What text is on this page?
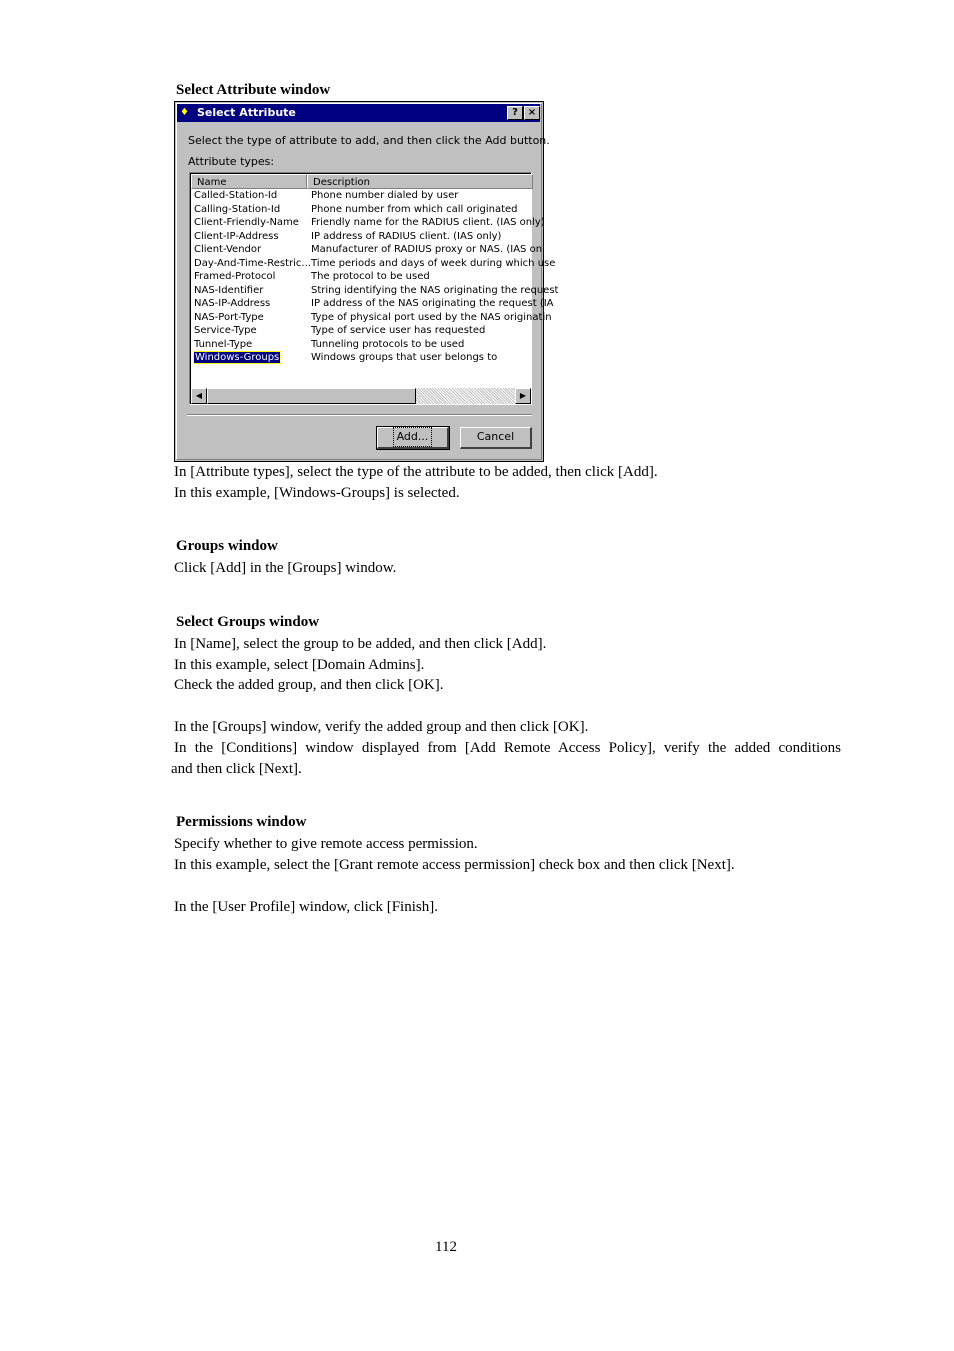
Select Attribute window
♦ Select Attribute	? ×
Select the type of attribute to add, and then click the Add button.
Attribute types:
Name	Description
Called-Station-Id	Phone number dialed by user
Calling-Station-Id	Phone number from which call originated
Client-Friendly-Name	Friendly name for the RADIUS client. (IAS only)
Client-IP-Address	IP address of RADIUS client. (IAS only)
Client-Vendor	Manufacturer of RADIUS proxy or NAS. (IAS onl
Day-And-Time-Restric... Time periods and days of week during which use
Framed-Protocol	The protocol to be used
NAS-Identifier	String identifying the NAS originating the request
NAS-IP-Address	IP address of the NAS originating the request (IA
NAS-Port-Type	Type of physical port used by the NAS originatin
Service-Type	Type of service user has requested
Tunnel-Type	Tunneling protocols to be used
Windows-Groups	Windows groups that user belongs to
◀	▶
Add...	Cancel
In [Attribute types], select the type of the attribute to be added, then click [Add].
In this example, [Windows-Groups] is selected.
Groups window
Click [Add] in the [Groups] window.
Select Groups window
In [Name], select the group to be added, and then click [Add].
In this example, select [Domain Admins].
Check the added group, and then click [OK].
In the [Groups] window, verify the added group and then click [OK].
In the [Conditions] window displayed from [Add Remote Access Policy], verify the added conditions
and then click [Next].
Permissions window
Specify whether to give remote access permission.
In this example, select the [Grant remote access permission] check box and then click [Next].
In the [User Profile] window, click [Finish].
112
